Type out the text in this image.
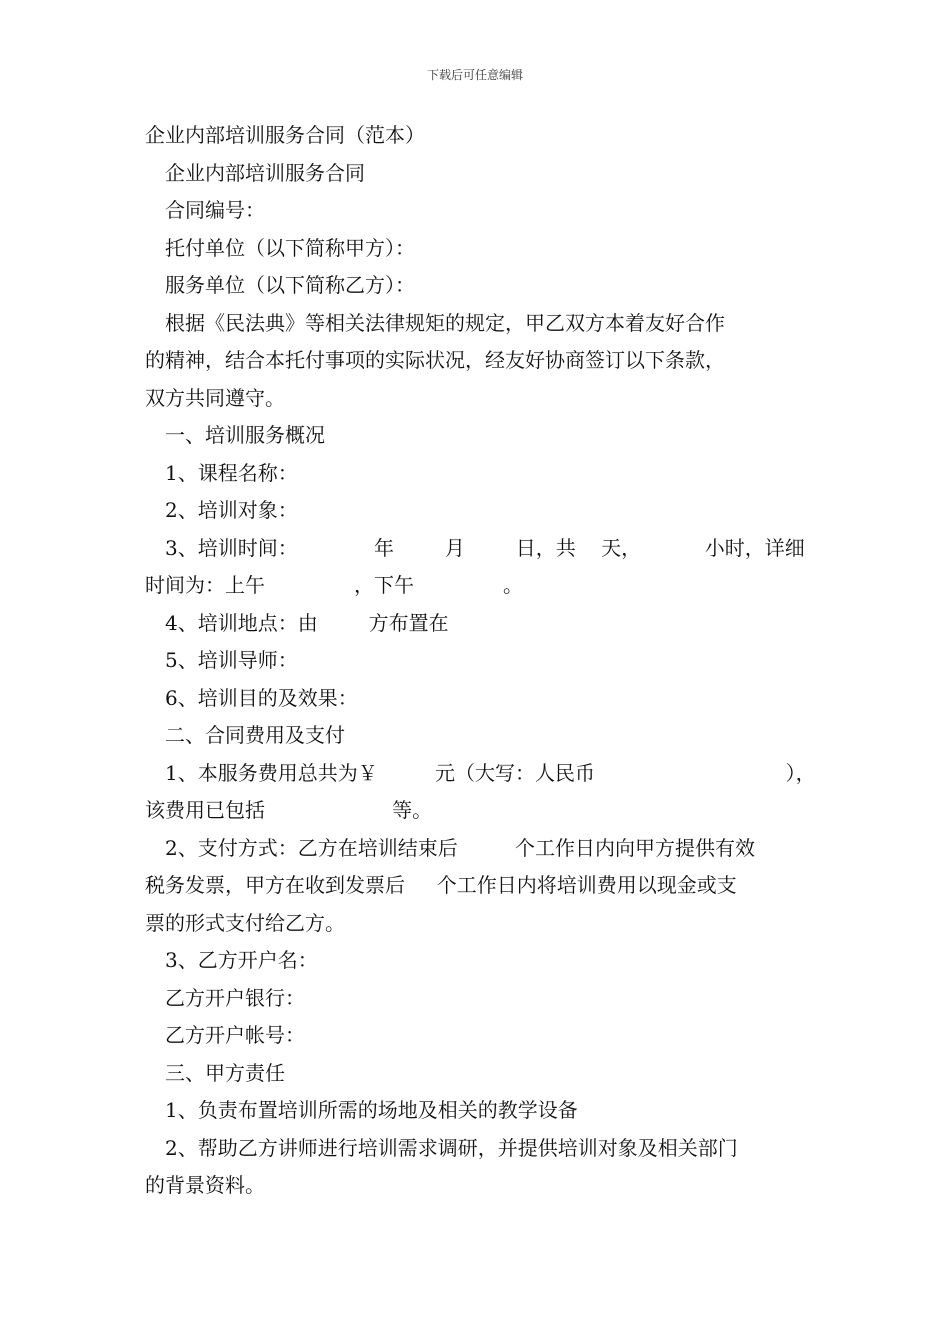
下载后可任意编辑
企业内部培训服务合同（范本）
企业内部培训服务合同
合同编号：
托付单位（以下简称甲方）：
服务单位（以下简称乙方）：
根据《民法典》等相关法律规矩的规定，甲乙双方本着友好合作
的精神，结合本托付事项的实际状况，经友好协商签订以下条款，
双方共同遵守。
一、培训服务概况
1、课程名称：
2、培训对象：
3、培训时间：            年        月        日，共    天，          小时，详细
时间为：上午              ，下午              。
4、培训地点：由        方布置在
5、培训导师：
6、培训目的及效果：
二、合同费用及支付
1、本服务费用总共为￥         元（大写：人民币                              ），
该费用已包括                    等。
2、支付方式：乙方在培训结束后         个工作日内向甲方提供有效
税务发票，甲方在收到发票后     个工作日内将培训费用以现金或支
票的形式支付给乙方。
3、乙方开户名：
乙方开户银行：
乙方开户帐号：
三、甲方责任
1、负责布置培训所需的场地及相关的教学设备
2、帮助乙方讲师进行培训需求调研，并提供培训对象及相关部门
的背景资料。
